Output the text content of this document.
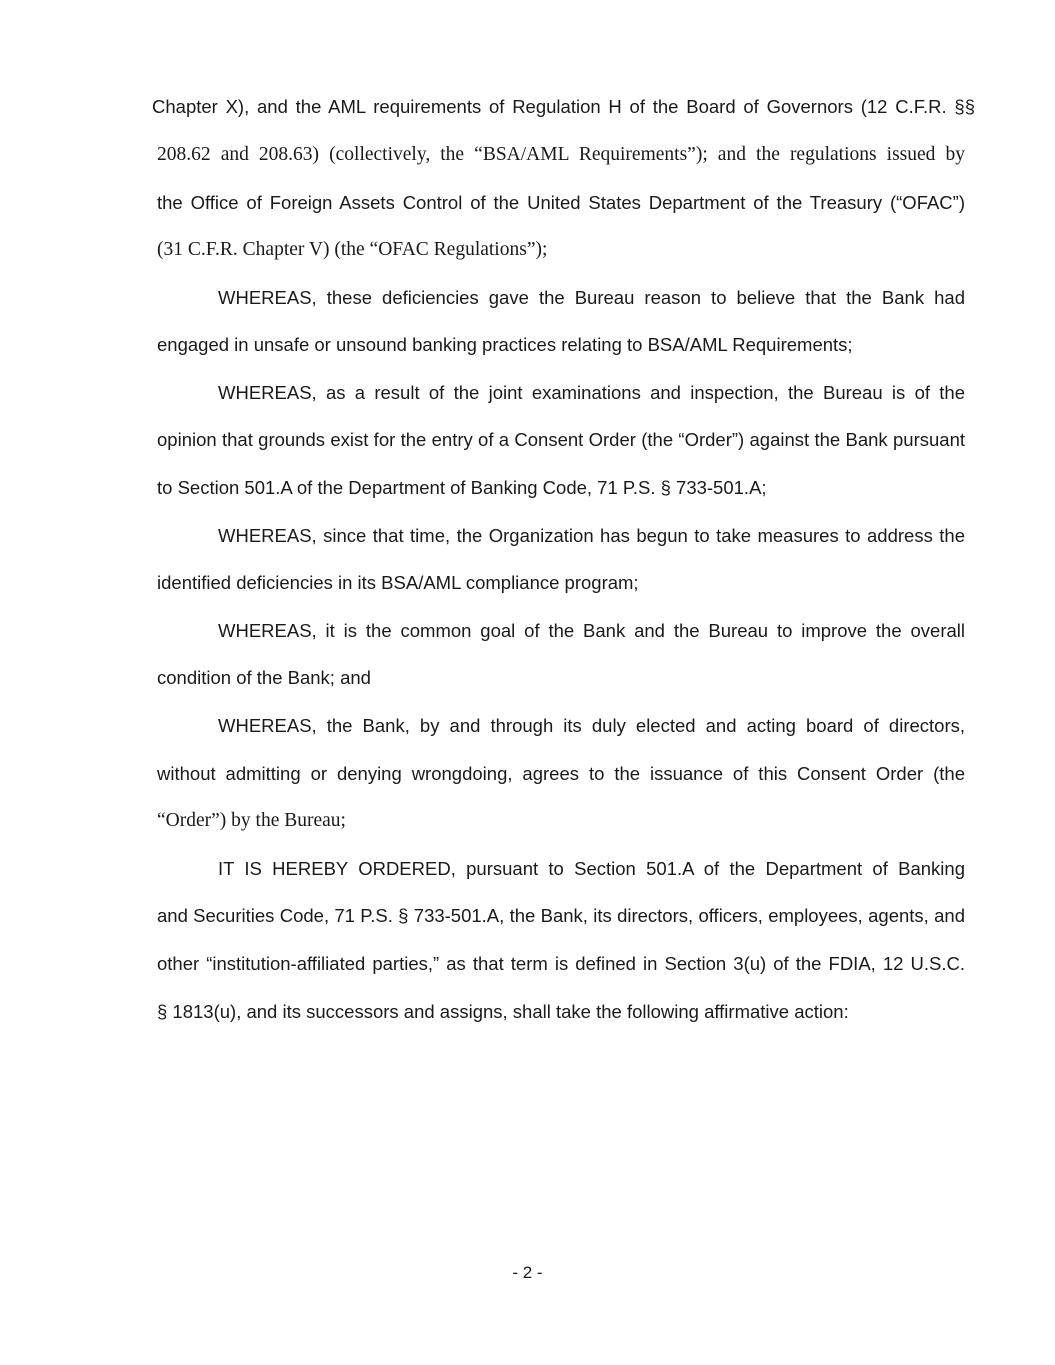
Chapter X), and the AML requirements of Regulation H of the Board of Governors (12 C.F.R. §§
208.62 and 208.63) (collectively, the “BSA/AML Requirements”); and the regulations issued by
the Office of Foreign Assets Control of the United States Department of the Treasury (“OFAC”)
(31 C.F.R. Chapter V) (the “OFAC Regulations”);
WHEREAS, these deficiencies gave the Bureau reason to believe that the Bank had
engaged in unsafe or unsound banking practices relating to BSA/AML Requirements;
WHEREAS, as a result of the joint examinations and inspection, the Bureau is of the
opinion that grounds exist for the entry of a Consent Order (the “Order”) against the Bank pursuant
to Section 501.A of the Department of Banking Code, 71 P.S. § 733-501.A;
WHEREAS, since that time, the Organization has begun to take measures to address the
identified deficiencies in its BSA/AML compliance program;
WHEREAS, it is the common goal of the Bank and the Bureau to improve the overall
condition of the Bank; and
WHEREAS, the Bank, by and through its duly elected and acting board of directors,
without admitting or denying wrongdoing, agrees to the issuance of this Consent Order (the
“Order”) by the Bureau;
IT IS HEREBY ORDERED, pursuant to Section 501.A of the Department of Banking
and Securities Code, 71 P.S. § 733-501.A, the Bank, its directors, officers, employees, agents, and
other “institution-affiliated parties,” as that term is defined in Section 3(u) of the FDIA, 12 U.S.C.
§ 1813(u), and its successors and assigns, shall take the following affirmative action:
- 2 -
